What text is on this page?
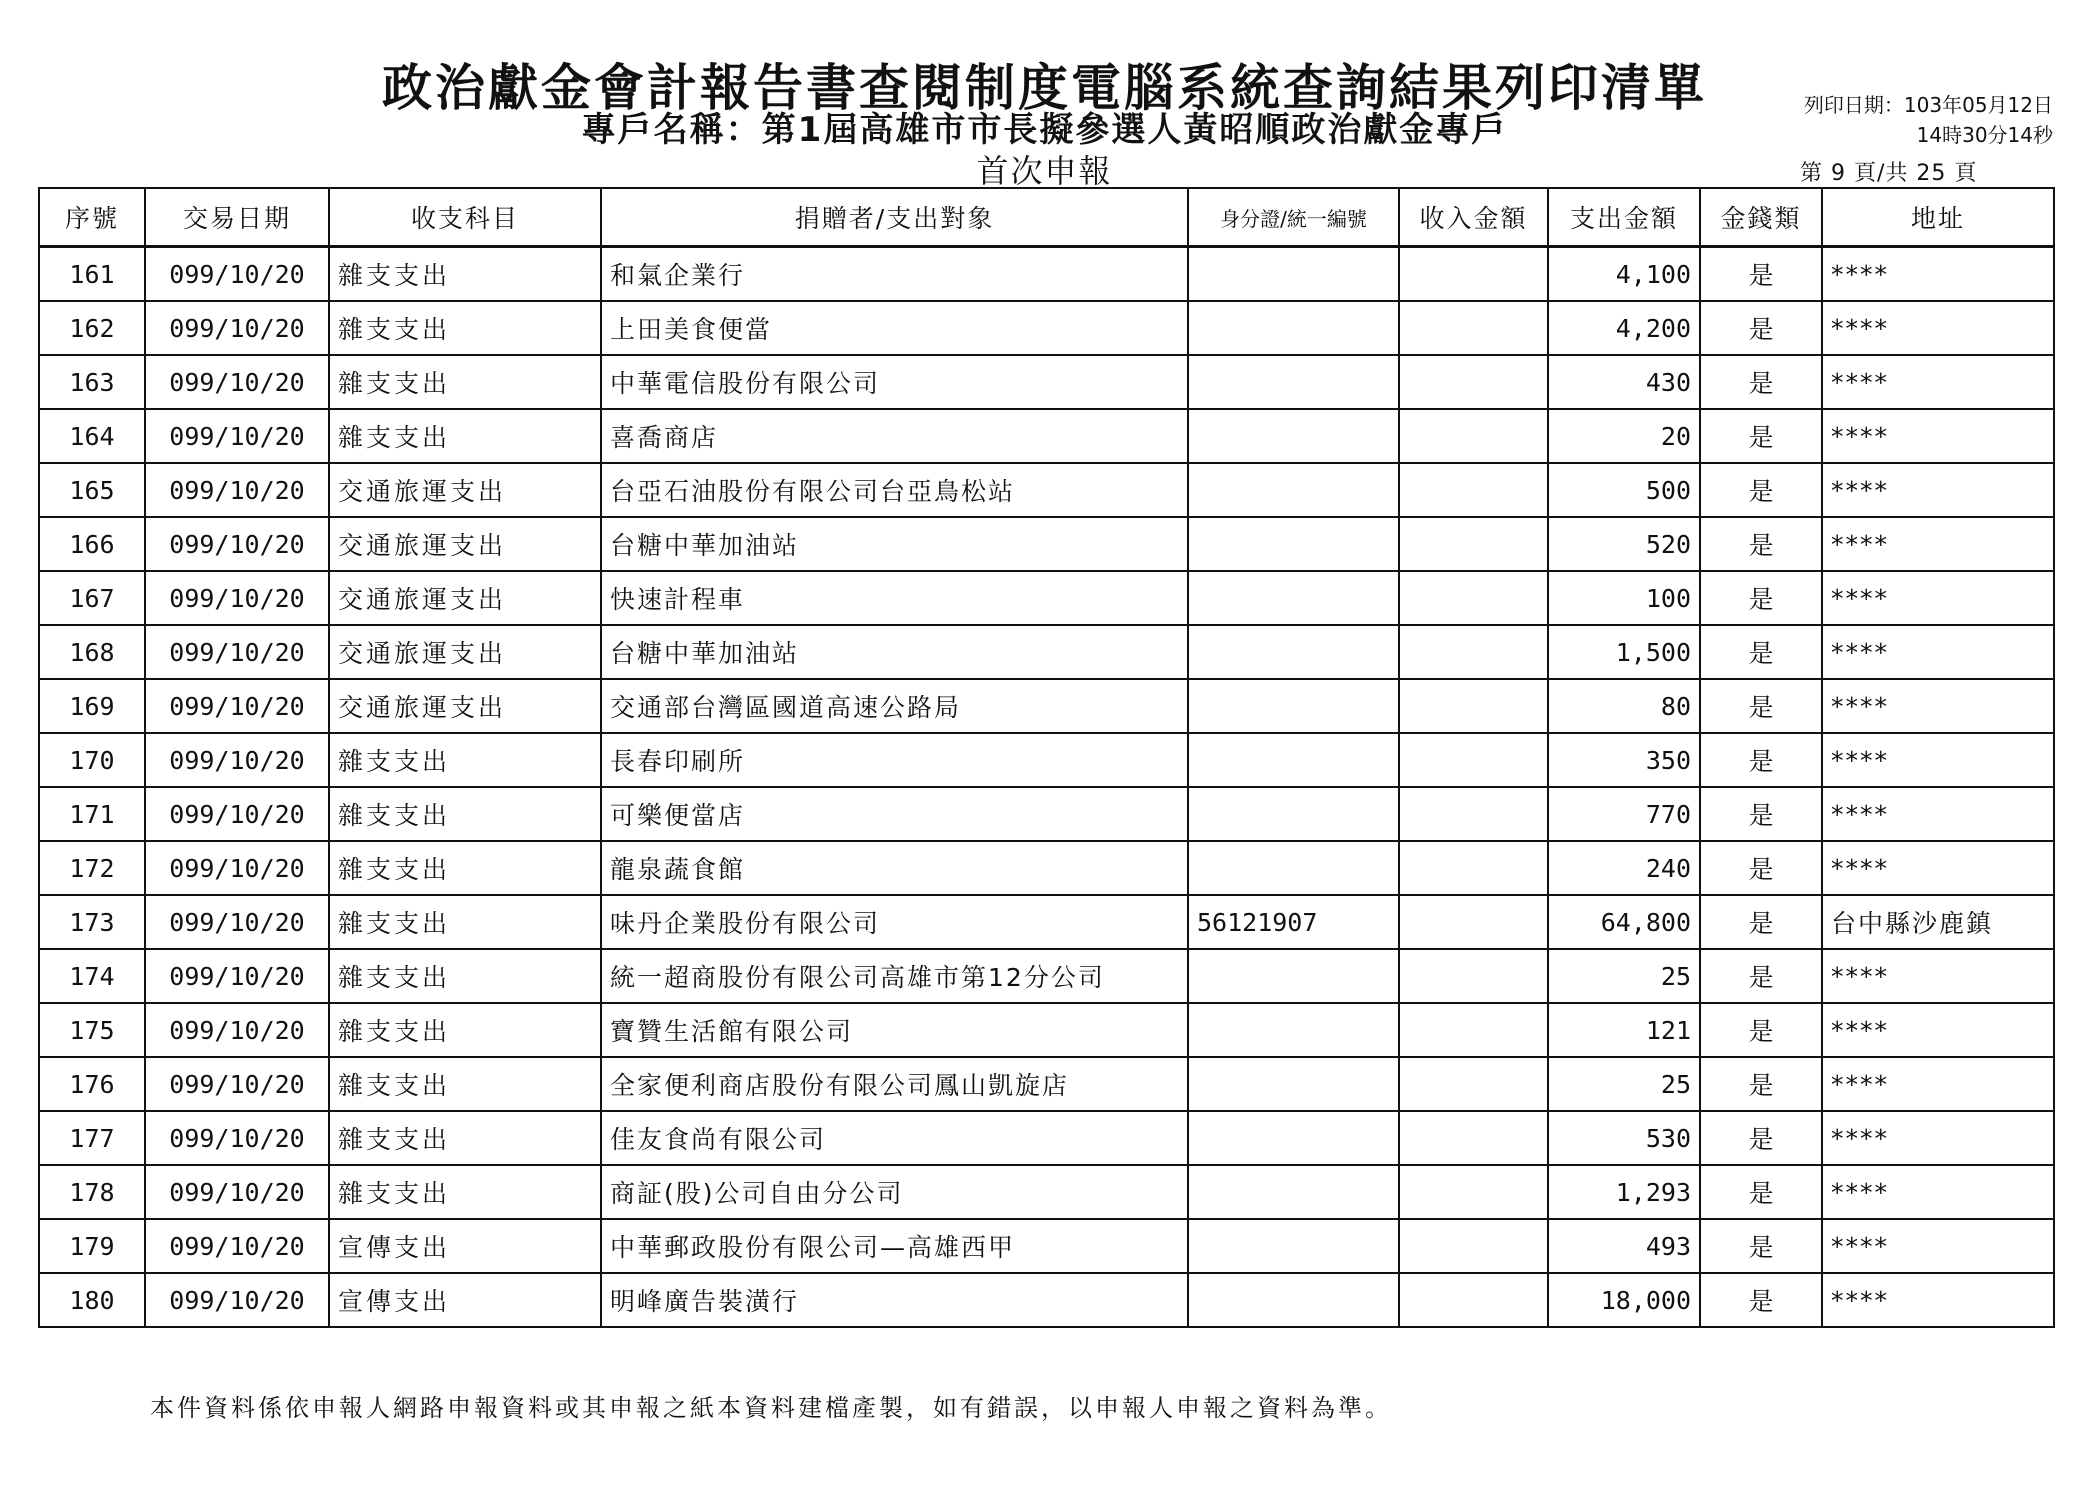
政治獻金會計報告書查閱制度電腦系統查詢結果列印清單
專戶名稱：第1屆高雄市市長擬參選人黃昭順政治獻金專戶
首次申報
列印日期：103年05月12日
14時30分14秒
第 9 頁/共 25 頁
序號	交易日期	收支科目	捐贈者/支出對象	身分證/統一編號	收入金額	支出金額	金錢類	地址
161	099/10/20	雜支支出	和氣企業行			4,100	是	****
162	099/10/20	雜支支出	上田美食便當			4,200	是	****
163	099/10/20	雜支支出	中華電信股份有限公司			430	是	****
164	099/10/20	雜支支出	喜喬商店			20	是	****
165	099/10/20	交通旅運支出	台亞石油股份有限公司台亞鳥松站			500	是	****
166	099/10/20	交通旅運支出	台糖中華加油站			520	是	****
167	099/10/20	交通旅運支出	快速計程車			100	是	****
168	099/10/20	交通旅運支出	台糖中華加油站			1,500	是	****
169	099/10/20	交通旅運支出	交通部台灣區國道高速公路局			80	是	****
170	099/10/20	雜支支出	長春印刷所			350	是	****
171	099/10/20	雜支支出	可樂便當店			770	是	****
172	099/10/20	雜支支出	龍泉蔬食館			240	是	****
173	099/10/20	雜支支出	味丹企業股份有限公司	56121907		64,800	是	台中縣沙鹿鎮
174	099/10/20	雜支支出	統一超商股份有限公司高雄市第12分公司			25	是	****
175	099/10/20	雜支支出	寶贊生活館有限公司			121	是	****
176	099/10/20	雜支支出	全家便利商店股份有限公司鳳山凱旋店			25	是	****
177	099/10/20	雜支支出	佳友食尚有限公司			530	是	****
178	099/10/20	雜支支出	商証(股)公司自由分公司			1,293	是	****
179	099/10/20	宣傳支出	中華郵政股份有限公司—高雄西甲			493	是	****
180	099/10/20	宣傳支出	明峰廣告裝潢行			18,000	是	****
本件資料係依申報人網路申報資料或其申報之紙本資料建檔產製，如有錯誤，以申報人申報之資料為準。
